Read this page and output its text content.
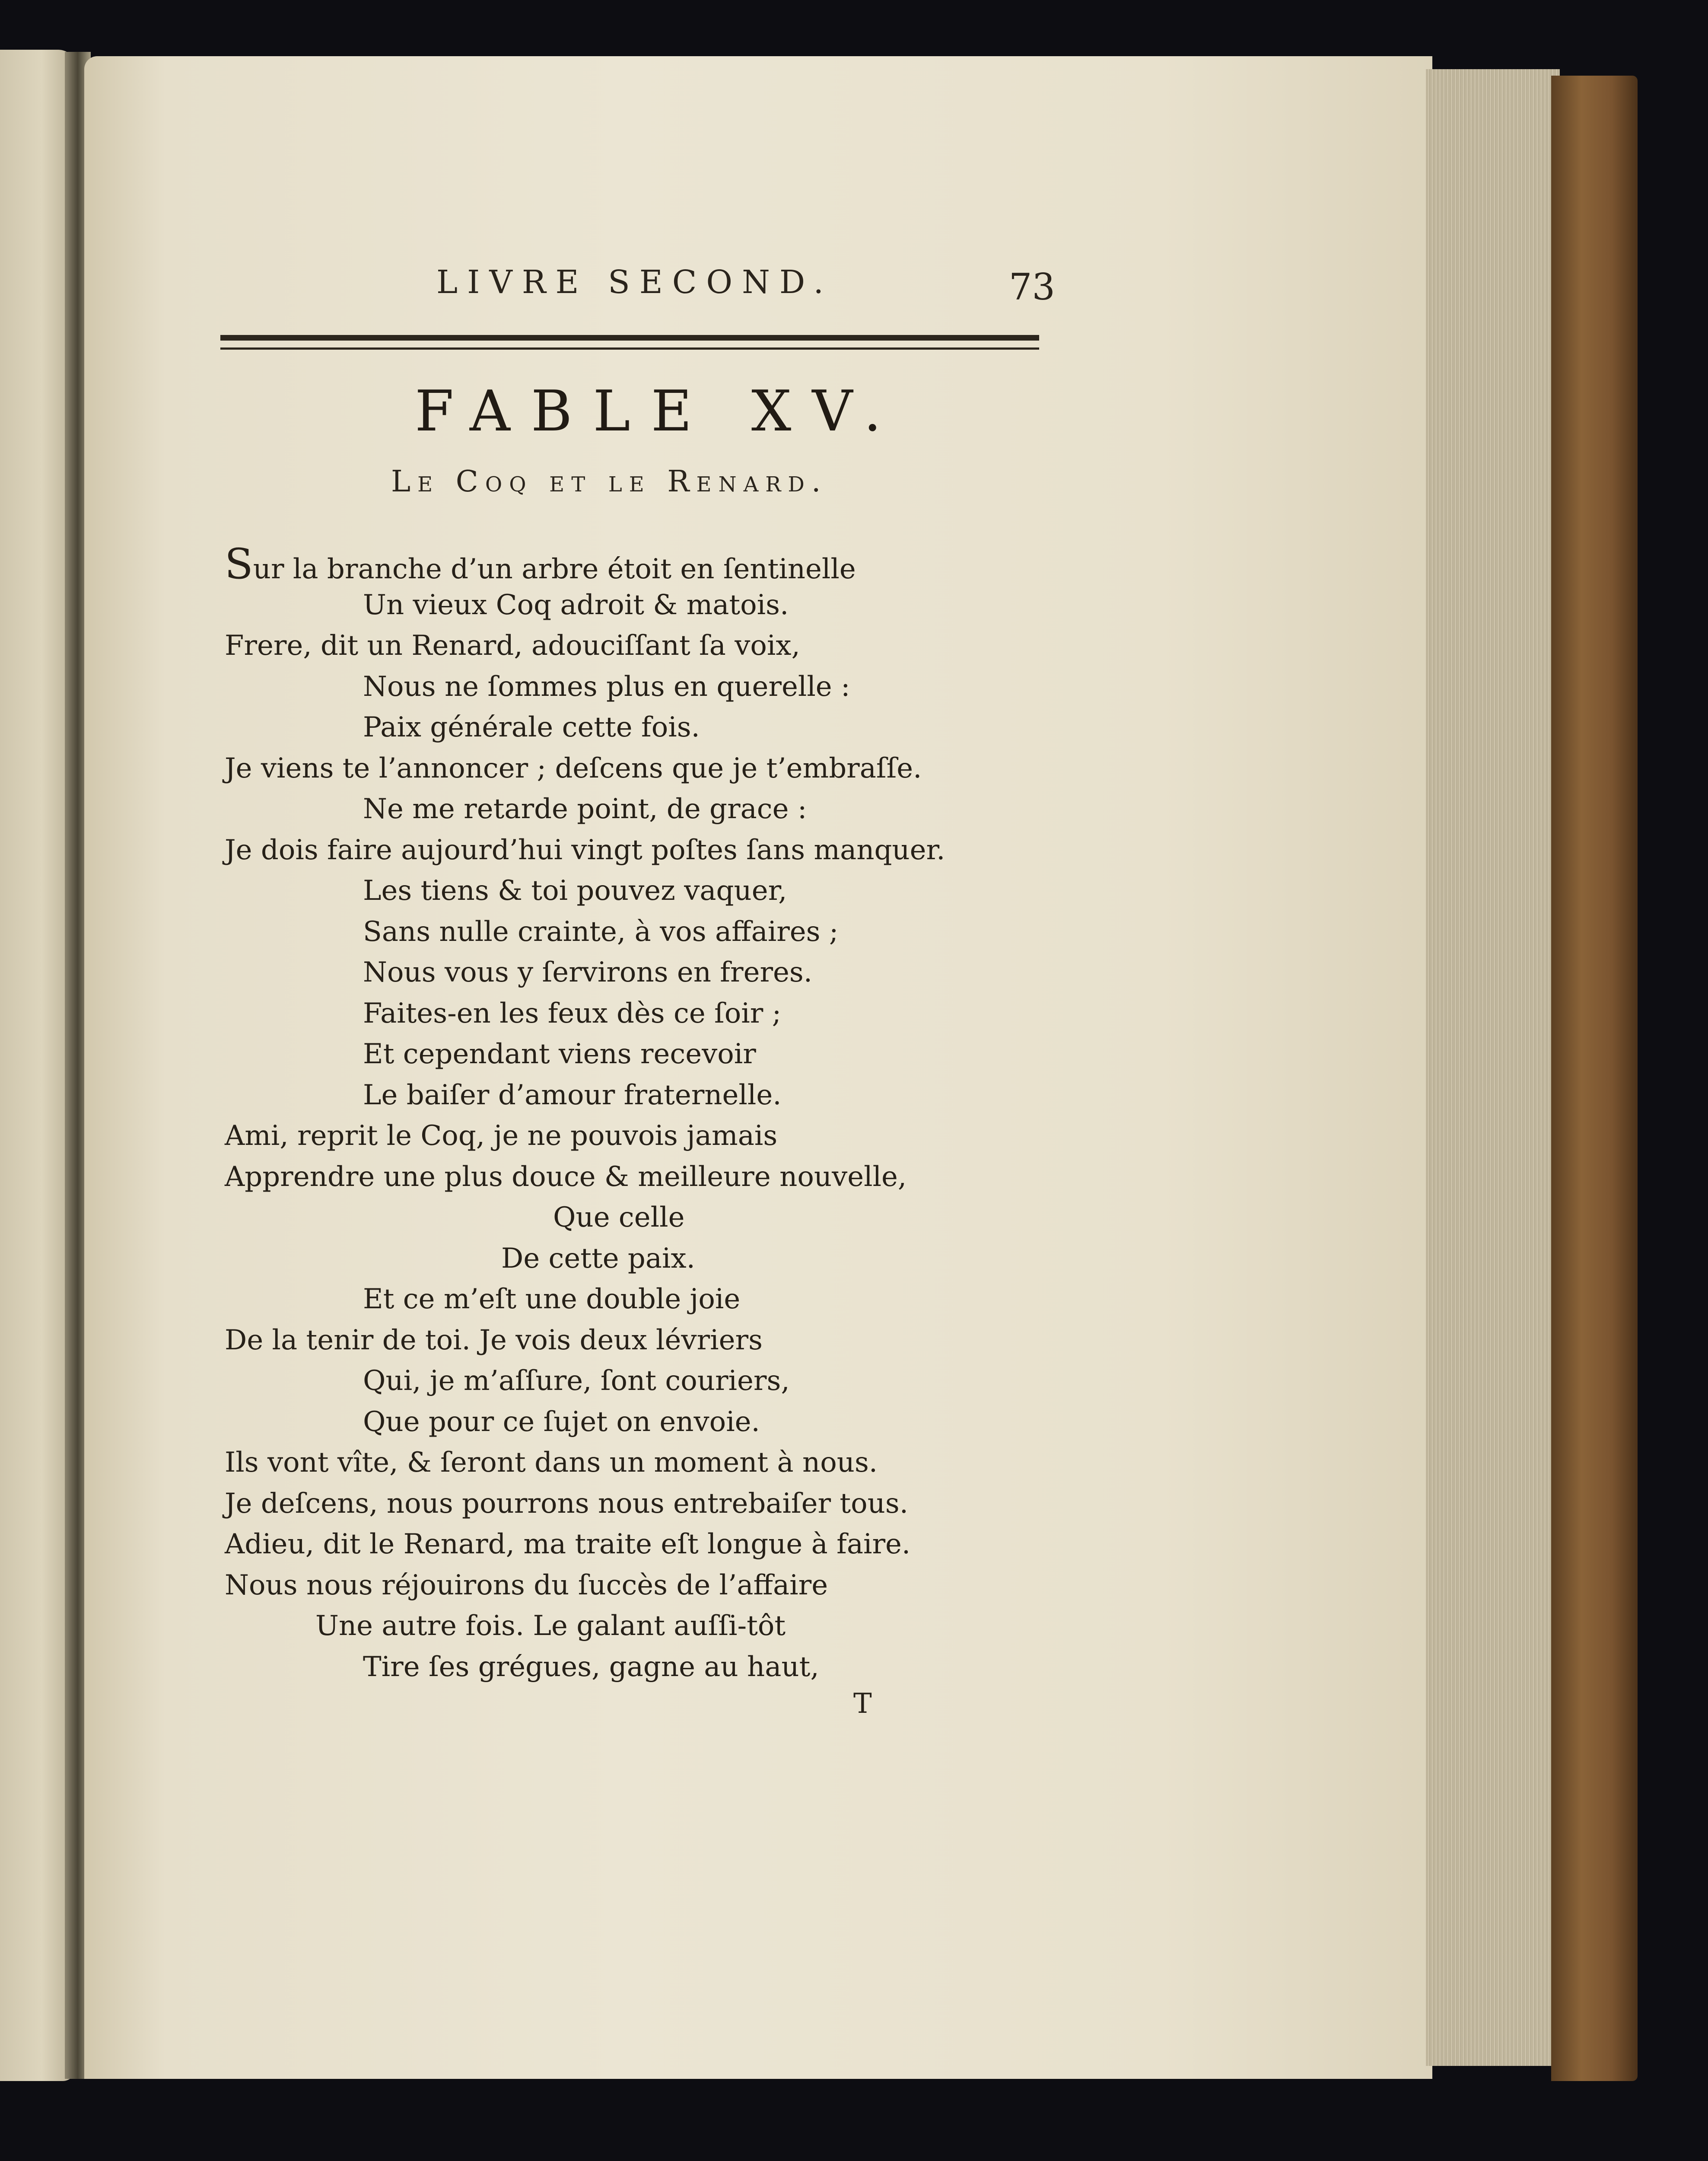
LIVRE SECOND.	73
FABLE XV.
Le Coq et le Renard.
Sur la branche d’un arbre étoit en ſentinelle
Un vieux Coq adroit & matois.
Frere, dit un Renard, adouciſſant ſa voix,
Nous ne ſommes plus en querelle :
Paix générale cette fois.
Je viens te l’annoncer ; deſcens que je t’embraſſe.
Ne me retarde point, de grace :
Je dois faire aujourd’hui vingt poſtes ſans manquer.
Les tiens & toi pouvez vaquer,
Sans nulle crainte, à vos affaires ;
Nous vous y ſervirons en freres.
Faites-en les feux dès ce ſoir ;
Et cependant viens recevoir
Le baiſer d’amour fraternelle.
Ami, reprit le Coq, je ne pouvois jamais
Apprendre une plus douce & meilleure nouvelle,
Que celle
De cette paix.
Et ce m’eſt une double joie
De la tenir de toi. Je vois deux lévriers
Qui, je m’aſſure, ſont couriers,
Que pour ce ſujet on envoie.
Ils vont vîte, & ſeront dans un moment à nous.
Je deſcens, nous pourrons nous entrebaiſer tous.
Adieu, dit le Renard, ma traite eſt longue à faire.
Nous nous réjouirons du ſuccès de l’affaire
Une autre fois. Le galant auſſi-tôt
Tire ſes grégues, gagne au haut,
T
